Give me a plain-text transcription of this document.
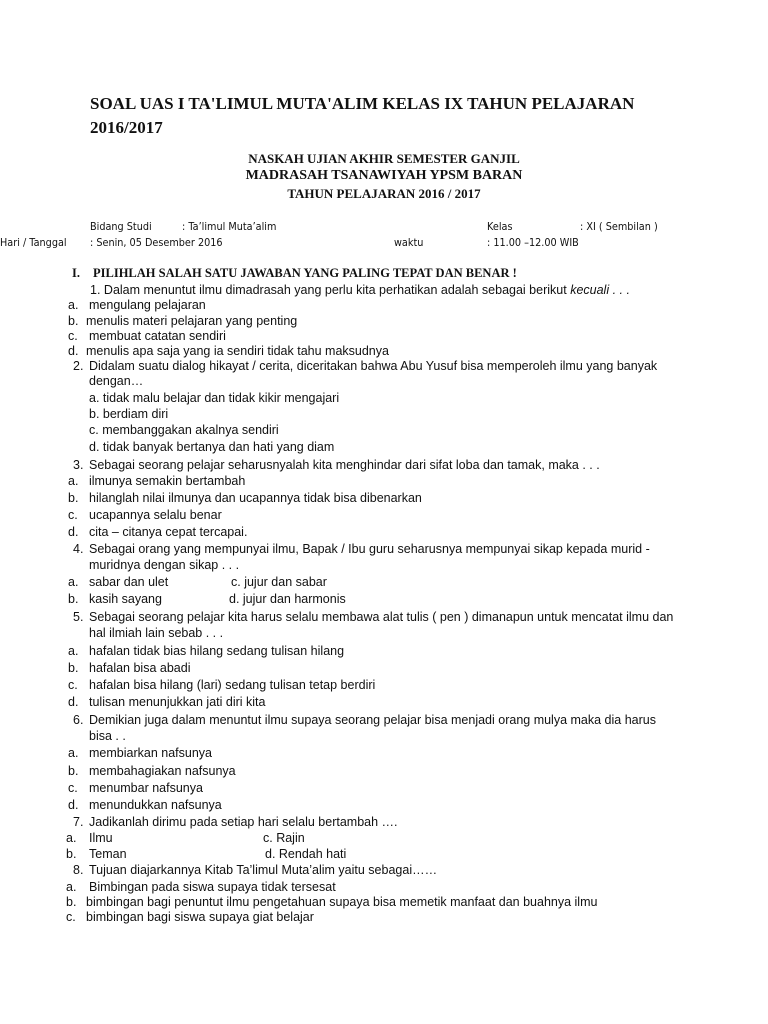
SOAL UAS I TA'LIMUL MUTA'ALIM KELAS IX TAHUN PELAJARAN
2016/2017
NASKAH UJIAN AKHIR SEMESTER GANJIL
MADRASAH TSANAWIYAH YPSM BARAN
TAHUN PELAJARAN 2016 / 2017
Bidang Studi	: Ta’limul Muta’alim	Kelas	: XI ( Sembilan )
Hari / Tanggal : Senin, 05 Desember 2016	waktu	: 11.00 –12.00 WIB
I. PILIHLAH SALAH SATU JAWABAN YANG PALING TEPAT DAN BENAR !
1. Dalam menuntut ilmu dimadrasah yang perlu kita perhatikan adalah sebagai berikut kecuali . . .
a. mengulang pelajaran
b. menulis materi pelajaran yang penting
c. membuat catatan sendiri
d. menulis apa saja yang ia sendiri tidak tahu maksudnya
2. Didalam suatu dialog hikayat / cerita, diceritakan bahwa Abu Yusuf bisa memperoleh ilmu yang banyak
dengan…
a. tidak malu belajar dan tidak kikir mengajari
b. berdiam diri
c. membanggakan akalnya sendiri
d. tidak banyak bertanya dan hati yang diam
3. Sebagai seorang pelajar seharusnyalah kita menghindar dari sifat loba dan tamak, maka . . .
a. ilmunya semakin bertambah
b. hilanglah nilai ilmunya dan ucapannya tidak bisa dibenarkan
c. ucapannya selalu benar
d. cita – citanya cepat tercapai.
4. Sebagai orang yang mempunyai ilmu, Bapak / Ibu guru seharusnya mempunyai sikap kepada murid -
muridnya dengan sikap . . .
a. sabar dan ulet	c. jujur dan sabar
b. kasih sayang	d. jujur dan harmonis
5. Sebagai seorang pelajar kita harus selalu membawa alat tulis ( pen ) dimanapun untuk mencatat ilmu dan
hal ilmiah lain sebab . . .
a. hafalan tidak bias hilang sedang tulisan hilang
b. hafalan bisa abadi
c. hafalan bisa hilang (lari) sedang tulisan tetap berdiri
d. tulisan menunjukkan jati diri kita
6. Demikian juga dalam menuntut ilmu supaya seorang pelajar bisa menjadi orang mulya maka dia harus
bisa . .
a. membiarkan nafsunya
b. membahagiakan nafsunya
c. menumbar nafsunya
d. menundukkan nafsunya
7. Jadikanlah dirimu pada setiap hari selalu bertambah ….
a. Ilmu	c. Rajin
b. Teman	d. Rendah hati
8. Tujuan diajarkannya Kitab Ta’limul Muta’alim yaitu sebagai……
a. Bimbingan pada siswa supaya tidak tersesat
b. bimbingan bagi penuntut ilmu pengetahuan supaya bisa memetik manfaat dan buahnya ilmu
c. bimbingan bagi siswa supaya giat belajar
